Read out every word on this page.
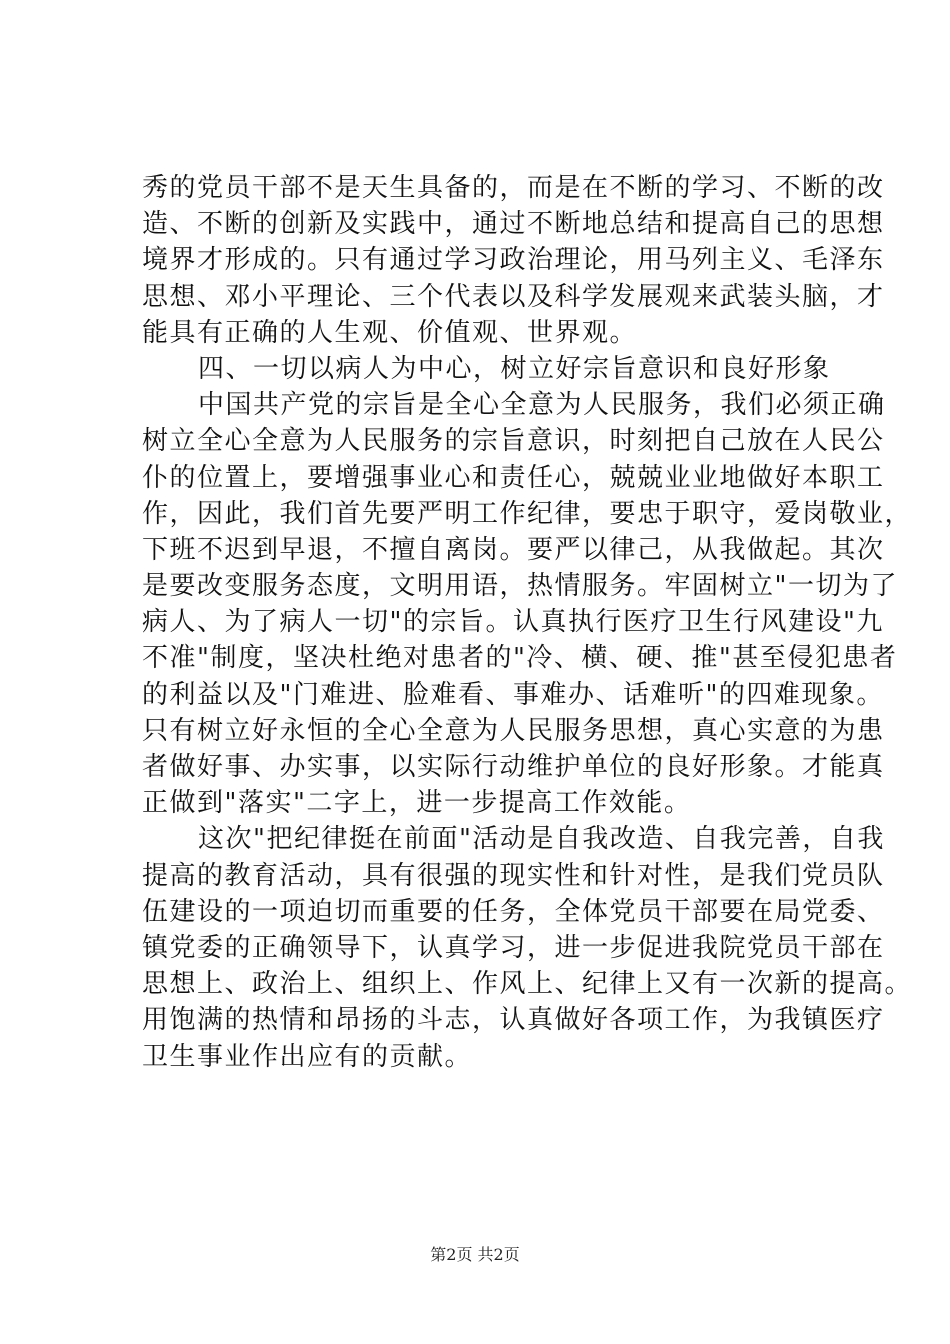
秀的党员干部不是天生具备的，而是在不断的学习、不断的改
造、不断的创新及实践中，通过不断地总结和提高自己的思想
境界才形成的。只有通过学习政治理论，用马列主义、毛泽东
思想、邓小平理论、三个代表以及科学发展观来武装头脑，才
能具有正确的人生观、价值观、世界观。
四、一切以病人为中心，树立好宗旨意识和良好形象
中国共产党的宗旨是全心全意为人民服务，我们必须正确
树立全心全意为人民服务的宗旨意识，时刻把自己放在人民公
仆的位置上，要增强事业心和责任心，兢兢业业地做好本职工
作，因此，我们首先要严明工作纪律，要忠于职守，爱岗敬业，
下班不迟到早退，不擅自离岗。要严以律己，从我做起。其次
是要改变服务态度，文明用语，热情服务。牢固树立"一切为了
病人、为了病人一切"的宗旨。认真执行医疗卫生行风建设"九
不准"制度，坚决杜绝对患者的"冷、横、硬、推"甚至侵犯患者
的利益以及"门难进、脸难看、事难办、话难听"的四难现象。
只有树立好永恒的全心全意为人民服务思想，真心实意的为患
者做好事、办实事，以实际行动维护单位的良好形象。才能真
正做到"落实"二字上，进一步提高工作效能。
这次"把纪律挺在前面"活动是自我改造、自我完善，自我
提高的教育活动，具有很强的现实性和针对性，是我们党员队
伍建设的一项迫切而重要的任务，全体党员干部要在局党委、
镇党委的正确领导下，认真学习，进一步促进我院党员干部在
思想上、政治上、组织上、作风上、纪律上又有一次新的提高。
用饱满的热情和昂扬的斗志，认真做好各项工作，为我镇医疗
卫生事业作出应有的贡献。
第2页 共2页
